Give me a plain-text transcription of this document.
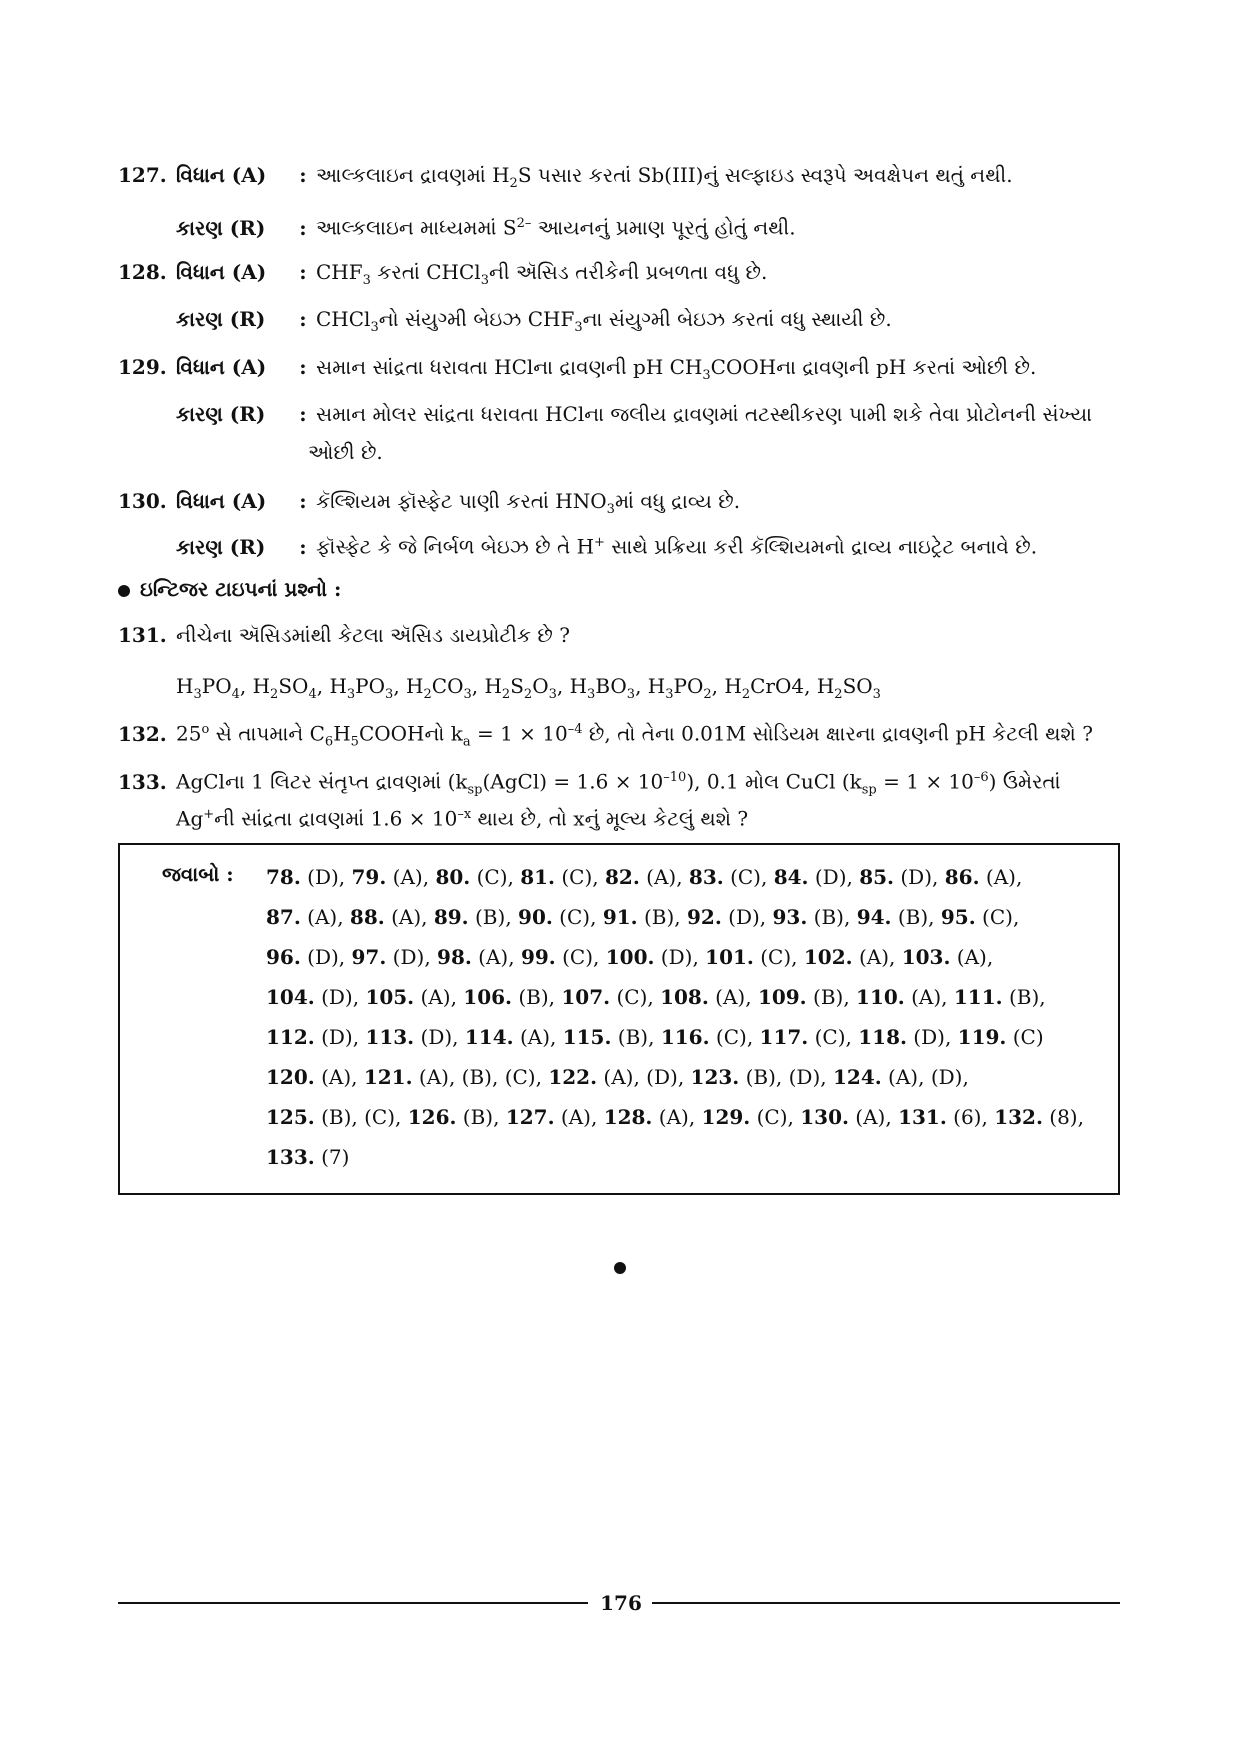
127. વિધાન (A) : આલ્કલાઇન દ્રાવણમાં $H_2S$ પસાર કરતાં Sb(III)નું સલ્ફાઇડ સ્વરૂપે અવક્ષેપન થતું નથી.
કારણ (R) : આલ્કલાઇન માધ્યમમાં $S^{2-}$ આયનનું પ્રમાણ પૂરતું હોતું નથી.
128. વિધાન (A) : $CHF_3$ કરતાં CHCl$_3$ની ઍસિડ તરીકેની પ્રબળતા વધુ છે.
કારણ (R) : CHCl$_3$નો સંયુગ્મી બેઇઝ $CHF_3ના$ સંયુગ્મી બેઇઝ કરતાં વધુ સ્થાયી છે.
129. વિધાન (A) : સમાન સાંદ્રતા ધરાવતા HClના દ્રાવણની pH $CH_3COOHના$ દ્રાવણની pH કરતાં ઓછી છે.
કારણ (R) : સમાન મોલર સાંદ્રતા ધરાવતા HClના જલીય દ્રાવણમાં તટસ્થીકરણ પામી શકે તેવા પ્રોટોનની સંખ્યા
ઓછી છે.
130. વિધાન (A) : કૅલ્શિયમ ફૉસ્ફેટ પાણી કરતાં $HNO_3માં$ વધુ દ્રાવ્ય છે.
કારણ (R) : ફૉસ્ફેટ કે જે નિર્બળ બેઇઝ છે તે H+ સાથે પ્રક્રિયા કરી કૅલ્શિયમનો દ્રાવ્ય નાઇટ્રેટ બનાવે છે.
ઇન્ટિજર ટાઇપનાં પ્રશ્નો :
131. નીચેના ઍસિડમાંથી કેટલા ઍસિડ ડાયપ્રોટીક છે ?
$H_3PO_4$, $H_2SO_4$, $H_3PO_3$, $H_2CO_3$, $H_2S_2O_3$, $H_3BO_3$, $H_3PO_2$, $H_2CrO4$, $H_2SO_3$
132. 25$^o$ સે તાપમાને $C_6H_5COOHનો$ $k_a = 1 \times 10^{-4}$ છે, તો તેના 0.01M સોડિયમ ક્ષારના દ્રાવણની pH કેટલી થશે ?
133. AgClના 1 લિટર સંતૃપ્ત દ્રાવણમાં $(k_{sp}(AgCl) = 1.6 \times 10^{-10})$, 0.1 મોલ CuCl $(k_{sp} = 1 \times 10^{-6})$ ઉમેરતાં
Ag+ની સાંદ્રતા દ્રાવણમાં $1.6 \times 10^{-x}$ થાય છે, તો xનું મૂલ્ય કેટલું થશે ?
જવાબો : 78. (D), 79. (A), 80. (C), 81. (C), 82. (A), 83. (C), 84. (D), 85. (D), 86. (A),
87. (A), 88. (A), 89. (B), 90. (C), 91. (B), 92. (D), 93. (B), 94. (B), 95. (C),
96. (D), 97. (D), 98. (A), 99. (C), 100. (D), 101. (C), 102. (A), 103. (A),
104. (D), 105. (A), 106. (B), 107. (C), 108. (A), 109. (B), 110. (A), 111. (B),
112. (D), 113. (D), 114. (A), 115. (B), 116. (C), 117. (C), 118. (D), 119. (C)
120. (A), 121. (A), (B), (C), 122. (A), (D), 123. (B), (D), 124. (A), (D),
125. (B), (C), 126. (B), 127. (A), 128. (A), 129. (C), 130. (A), 131. (6), 132. (8),
133. (7)
176
